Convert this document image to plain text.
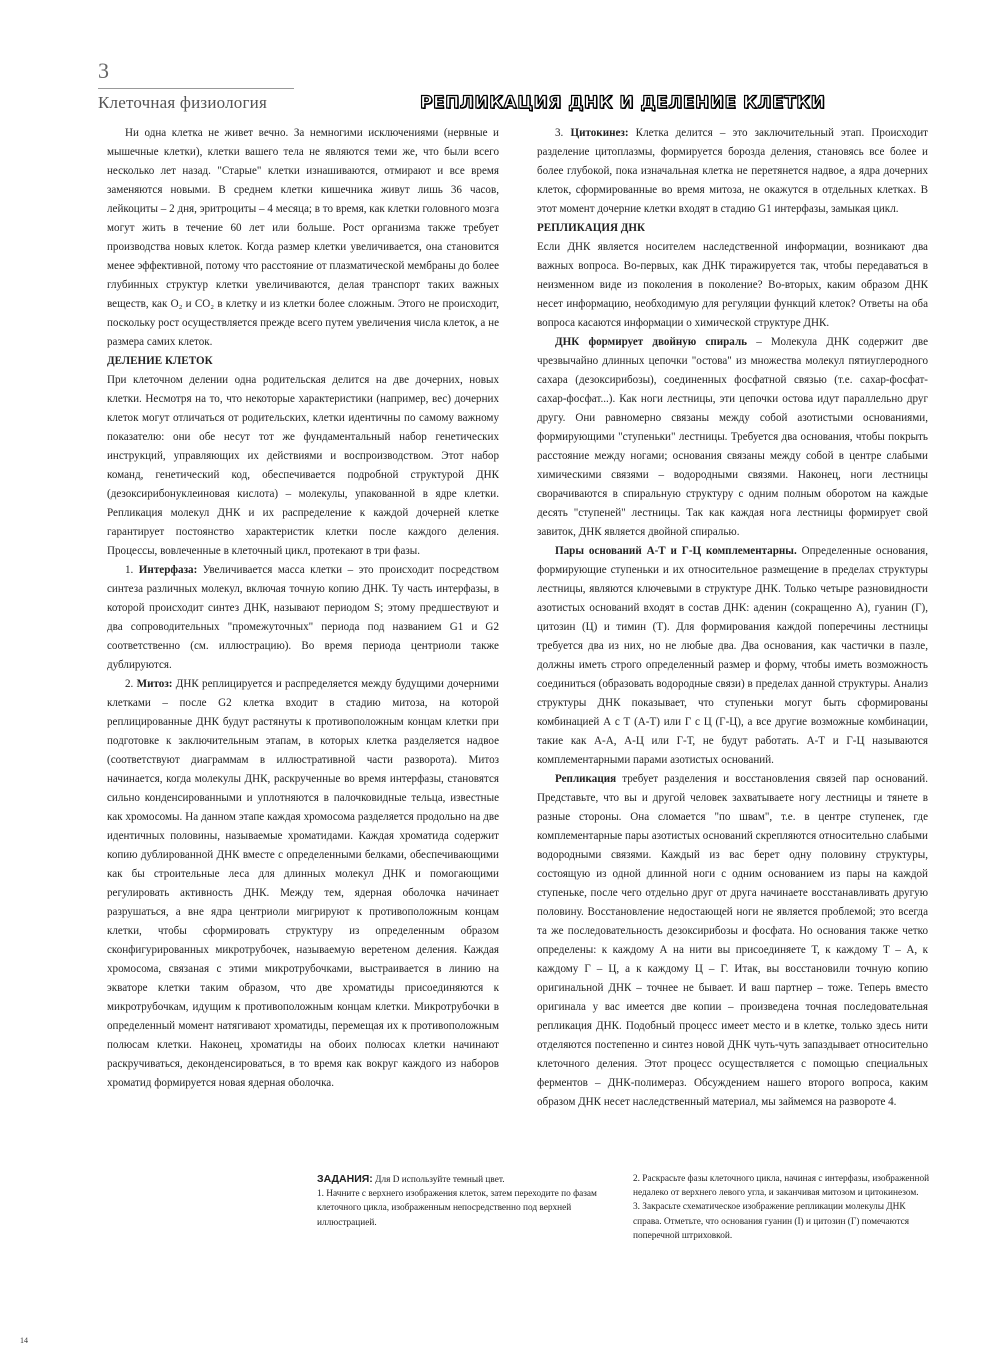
3
Клеточная физиология	РЕПЛИКАЦИЯ ДНК И ДЕЛЕНИЕ КЛЕТКИ

Ни одна клетка не живет вечно. За немногими исключениями (нервные и мышечные клетки), клетки вашего тела не являются теми же, что были всего несколько лет назад. "Старые" клетки изнашиваются, отмирают и все время заменяются новыми. В среднем клетки кишечника живут лишь 36 часов, лейкоциты – 2 дня, эритроциты – 4 месяца; в то время, как клетки головного мозга могут жить в течение 60 лет или больше. Рост организма также требует производства новых клеток. Когда размер клетки увеличивается, она становится менее эффективной, потому что расстояние от плазматической мембраны до более глубинных структур клетки увеличиваются, делая транспорт таких важных веществ, как O₂ и CO₂ в клетку и из клетки более сложным. Этого не происходит, поскольку рост осуществляется прежде всего путем увеличения числа клеток, а не размера самих клеток.

ДЕЛЕНИЕ КЛЕТОК

При клеточном делении одна родительская делится на две дочерних, новых клетки. Несмотря на то, что некоторые характеристики (например, вес) дочерних клеток могут отличаться от родительских, клетки идентичны по самому важному показателю: они обе несут тот же фундаментальный набор генетических инструкций, управляющих их действиями и воспроизводством. Этот набор команд, генетический код, обеспечивается подробной структурой ДНК (дезоксирибонуклеиновая кислота) – молекулы, упакованной в ядре клетки. Репликация молекул ДНК и их распределение к каждой дочерней клетке гарантирует постоянство характеристик клетки после каждого деления. Процессы, вовлеченные в клеточный цикл, протекают в три фазы.

1. Интерфаза: Увеличивается масса клетки – это происходит посредством синтеза различных молекул, включая точную копию ДНК. Ту часть интерфазы, в которой происходит синтез ДНК, называют периодом S; этому предшествуют и два сопроводительных "промежуточных" периода под названием G1 и G2 соответственно (см. иллюстрацию). Во время периода центриоли также дублируются.

2. Митоз: ДНК реплицируется и распределяется между будущими дочерними клетками – после G2 клетка входит в стадию митоза, на которой реплицированные ДНК будут растянуты к противоположным концам клетки при подготовке к заключительным этапам, в которых клетка разделяется надвое (соответствуют диаграммам в иллюстративной части разворота). Митоз начинается, когда молекулы ДНК, раскрученные во время интерфазы, становятся сильно конденсированными и уплотняются в палочковидные тельца, известные как хромосомы. На данном этапе каждая хромосома разделяется продольно на две идентичных половины, называемые хроматидами. Каждая хроматида содержит копию дублированной ДНК вместе с определенными белками, обеспечивающими как бы строительные леса для длинных молекул ДНК и помогающими регулировать активность ДНК. Между тем, ядерная оболочка начинает разрушаться, а вне ядра центриоли мигрируют к противоположным концам клетки, чтобы сформировать структуру из определенным образом сконфигурированных микротрубочек, называемую веретеном деления. Каждая хромосома, связаная с этими микротрубочками, выстраивается в линию на экваторе клетки таким образом, что две хроматиды присоединяются к микротрубочкам, идущим к противоположным концам клетки. Микротрубочки в определенный момент натягивают хроматиды, перемещая их к противоположным полюсам клетки. Наконец, хроматиды на обоих полюсах клетки начинают раскручиваться, деконденсироваться, в то время как вокруг каждого из наборов хроматид формируется новая ядерная оболочка.

3. Цитокинез: Клетка делится – это заключительный этап. Происходит разделение цитоплазмы, формируется борозда деления, становясь все более и более глубокой, пока изначальная клетка не перетянется надвое, а ядра дочерних клеток, сформированные во время митоза, не окажутся в отдельных клетках. В этот момент дочерние клетки входят в стадию G1 интерфазы, замыкая цикл.

РЕПЛИКАЦИЯ ДНК

Если ДНК является носителем наследственной информации, возникают два важных вопроса. Во-первых, как ДНК тиражируется так, чтобы передаваться в неизменном виде из поколения в поколение? Во-вторых, каким образом ДНК несет информацию, необходимую для регуляции функций клеток? Ответы на оба вопроса касаются информации о химической структуре ДНК.

ДНК формирует двойную спираль – Молекула ДНК содержит две чрезвычайно длинных цепочки "остова" из множества молекул пятиуглеродного сахара (дезоксирибозы), соединенных фосфатной связью (т.е. сахар-фосфат-сахар-фосфат...). Как ноги лестницы, эти цепочки остова идут параллельно друг другу. Они равномерно связаны между собой азотистыми основаниями, формирующими "ступеньки" лестницы. Требуется два основания, чтобы покрыть расстояние между ногами; основания связаны между собой в центре слабыми химическими связями – водородными связями. Наконец, ноги лестницы сворачиваются в спиральную структуру с одним полным оборотом на каждые десять "ступеней" лестницы. Так как каждая нога лестницы формирует свой завиток, ДНК является двойной спиралью.

Пары оснований А-Т и Г-Ц комплементарны. Определенные основания, формирующие ступеньки и их относительное размещение в пределах структуры лестницы, являются ключевыми в структуре ДНК. Только четыре разновидности азотистых оснований входят в состав ДНК: аденин (сокращенно А), гуанин (Г), цитозин (Ц) и тимин (Т). Для формирования каждой поперечины лестницы требуется два из них, но не любые два. Два основания, как частички в пазле, должны иметь строго определенный размер и форму, чтобы иметь возможность соединиться (образовать водородные связи) в пределах данной структуры. Анализ структуры ДНК показывает, что ступеньки могут быть сформированы комбинацией А с Т (А-Т) или Г с Ц (Г-Ц), а все другие возможные комбинации, такие как А-А, А-Ц или Г-Т, не будут работать. А-Т и Г-Ц называются комплементарными парами азотистых оснований.

Репликация требует разделения и восстановления связей пар оснований. Представьте, что вы и другой человек захватываете ногу лестницы и тянете в разные стороны. Она сломается "по швам", т.е. в центре ступенек, где комплементарные пары азотистых оснований скрепляются относительно слабыми водородными связями. Каждый из вас берет одну половину структуры, состоящую из одной длинной ноги с одним основанием из пары на каждой ступеньке, после чего отдельно друг от друга начинаете восстанавливать другую половину. Восстановление недостающей ноги не является проблемой; это всегда та же последовательность дезоксирибозы и фосфата. Но основания также четко определены: к каждому А на нити вы присоединяете Т, к каждому Т – А, к каждому Г – Ц, а к каждому Ц – Г. Итак, вы восстановили точную копию оригинальной ДНК – точнее не бывает. И ваш партнер – тоже. Теперь вместо оригинала у вас имеется две копии – произведена точная последовательная репликация ДНК. Подобный процесс имеет место и в клетке, только здесь нити отделяются постепенно и синтез новой ДНК чуть-чуть запаздывает относительно клеточного деления. Этот процесс осуществляется с помощью специальных ферментов – ДНК-полимераз. Обсуждением нашего второго вопроса, каким образом ДНК несет наследственный материал, мы займемся на развороте 4.

ЗАДАНИЯ: Для D используйте темный цвет.

1. Начните с верхнего изображения клеток, затем переходите по фазам клеточного цикла, изображенным непосредственно под верхней иллюстрацией.

2. Раскрасьте фазы клеточного цикла, начиная с интерфазы, изображенной недалеко от верхнего левого угла, и заканчивая митозом и цитокинезом.

3. Закрасьте схематическое изображение репликации молекулы ДНК справа. Отметьте, что основания гуанин (I) и цитозин (Г) помечаются поперечной штриховкой.

14
